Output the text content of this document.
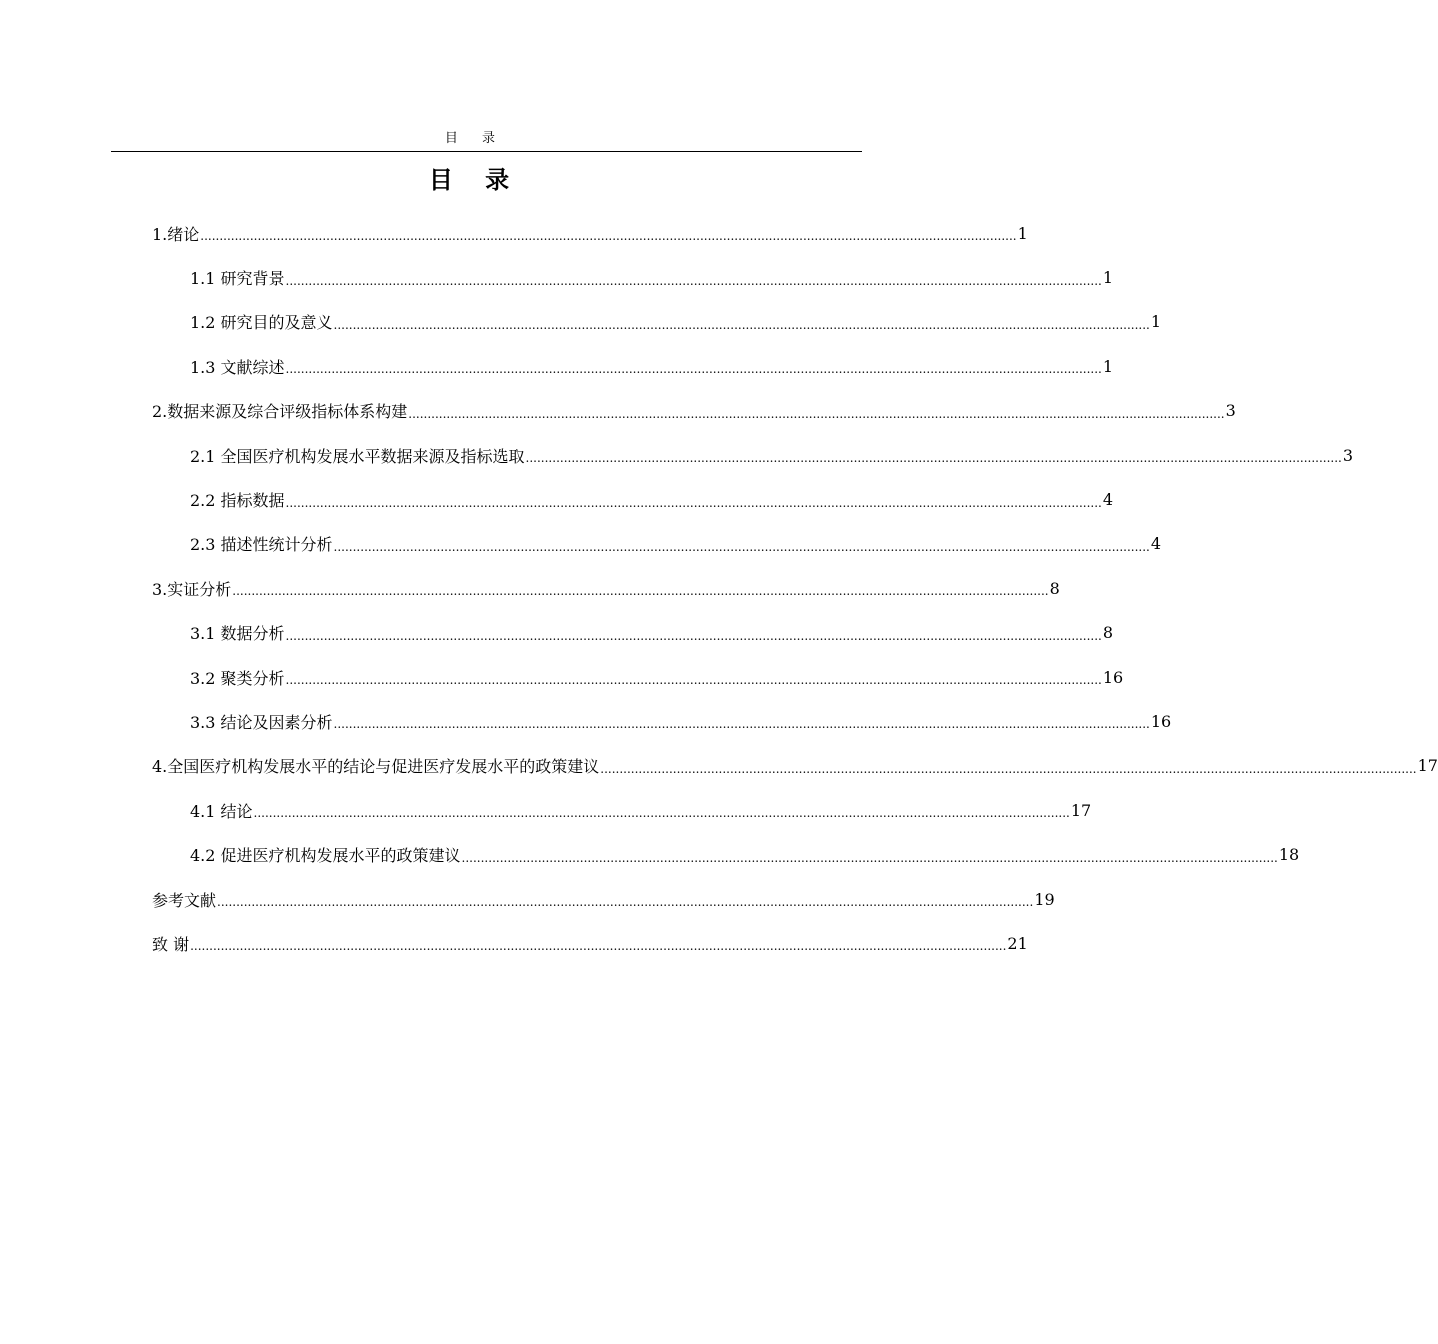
目 录
目 录
1.绪论 ...................................................................................................................................................................................................................... 1
1.1 研究背景 ...................................................................................................................................................................................................................... 1
1.2 研究目的及意义 ...................................................................................................................................................................................................................... 1
1.3 文献综述 ...................................................................................................................................................................................................................... 1
2.数据来源及综合评级指标体系构建 ...................................................................................................................................................................................................................... 3
2.1 全国医疗机构发展水平数据来源及指标选取 ...................................................................................................................................................................................................................... 3
2.2 指标数据 ...................................................................................................................................................................................................................... 4
2.3 描述性统计分析 ...................................................................................................................................................................................................................... 4
3.实证分析 ...................................................................................................................................................................................................................... 8
3.1 数据分析 ...................................................................................................................................................................................................................... 8
3.2 聚类分析 ...................................................................................................................................................................................................................... 16
3.3 结论及因素分析 ...................................................................................................................................................................................................................... 16
4.全国医疗机构发展水平的结论与促进医疗发展水平的政策建议 ...................................................................................................................................................................................................................... 17
4.1 结论 ...................................................................................................................................................................................................................... 17
4.2 促进医疗机构发展水平的政策建议 ...................................................................................................................................................................................................................... 18
参考文献 ...................................................................................................................................................................................................................... 19
致 谢 ...................................................................................................................................................................................................................... 21
